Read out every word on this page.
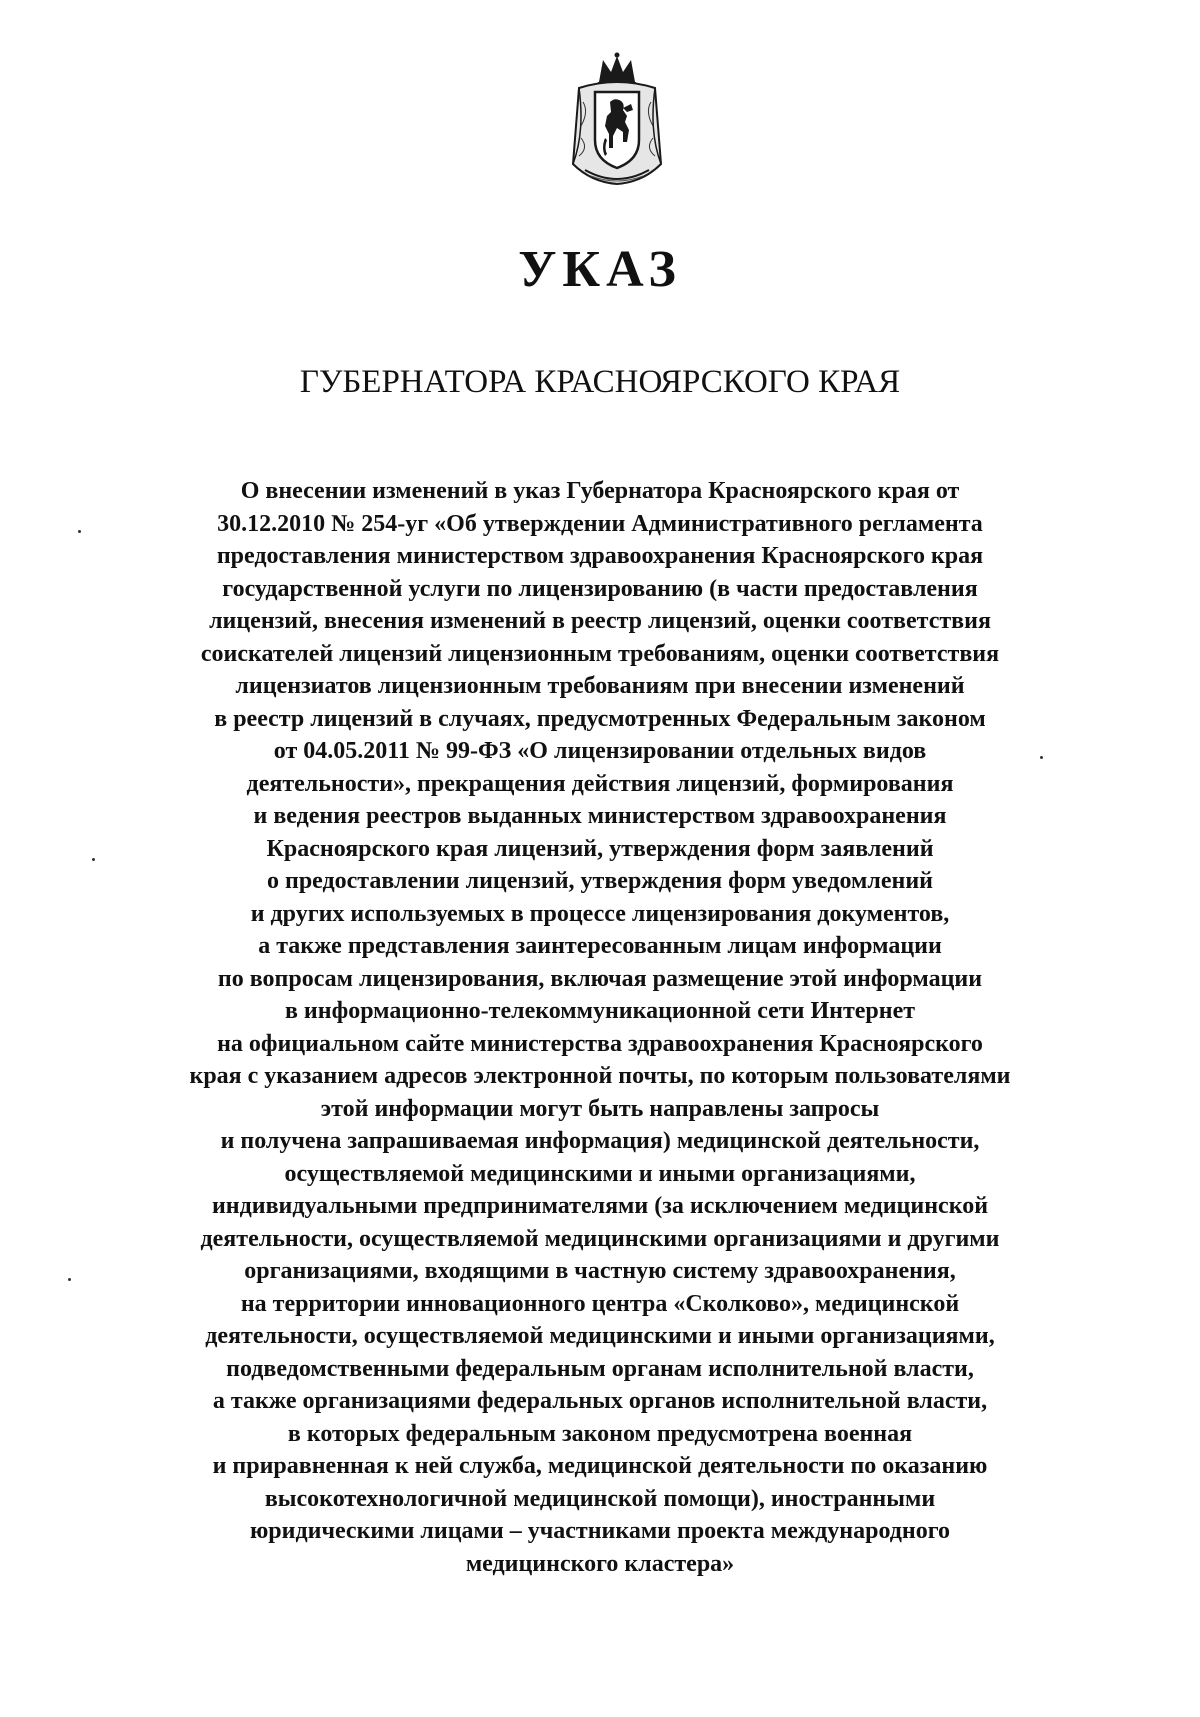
УКАЗ
ГУБЕРНАТОРА КРАСНОЯРСКОГО КРАЯ
О внесении изменений в указ Губернатора Красноярского края от
30.12.2010 № 254-уг «Об утверждении Административного регламента
предоставления министерством здравоохранения Красноярского края
государственной услуги по лицензированию (в части предоставления
лицензий, внесения изменений в реестр лицензий, оценки соответствия
соискателей лицензий лицензионным требованиям, оценки соответствия
лицензиатов лицензионным требованиям при внесении изменений
в реестр лицензий в случаях, предусмотренных Федеральным законом
от 04.05.2011 № 99-ФЗ «О лицензировании отдельных видов
деятельности», прекращения действия лицензий, формирования
и ведения реестров выданных министерством здравоохранения
Красноярского края лицензий, утверждения форм заявлений
о предоставлении лицензий, утверждения форм уведомлений
и других используемых в процессе лицензирования документов,
а также представления заинтересованным лицам информации
по вопросам лицензирования, включая размещение этой информации
в информационно-телекоммуникационной сети Интернет
на официальном сайте министерства здравоохранения Красноярского
края с указанием адресов электронной почты, по которым пользователями
этой информации могут быть направлены запросы
и получена запрашиваемая информация) медицинской деятельности,
осуществляемой медицинскими и иными организациями,
индивидуальными предпринимателями (за исключением медицинской
деятельности, осуществляемой медицинскими организациями и другими
организациями, входящими в частную систему здравоохранения,
на территории инновационного центра «Сколково», медицинской
деятельности, осуществляемой медицинскими и иными организациями,
подведомственными федеральным органам исполнительной власти,
а также организациями федеральных органов исполнительной власти,
в которых федеральным законом предусмотрена военная
и приравненная к ней служба, медицинской деятельности по оказанию
высокотехнологичной медицинской помощи), иностранными
юридическими лицами – участниками проекта международного
медицинского кластера»
